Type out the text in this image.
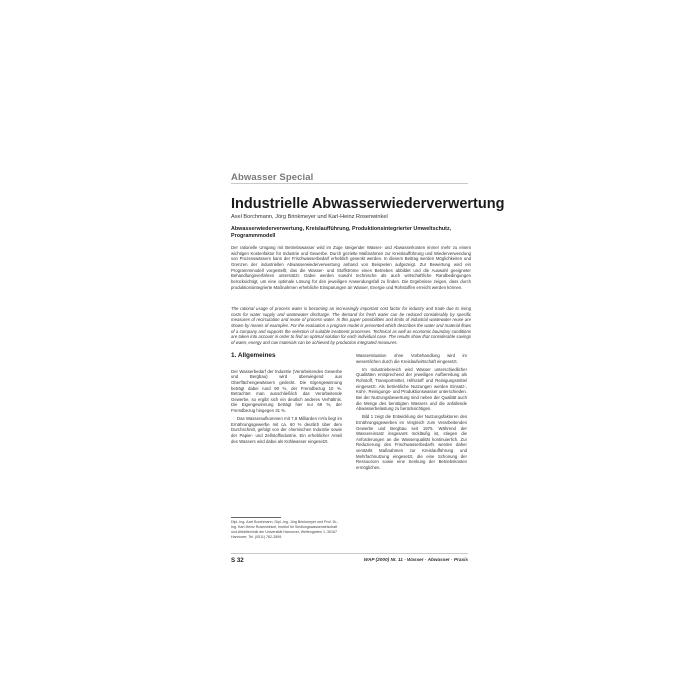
Abwasser Special
Industrielle Abwasserwiederverwertung
Axel Borchmann, Jörg Brinkmeyer und Karl-Heinz Rosenwinkel
Abwasserwiederverwertung, Kreislaufführung, Produktionsintegrierter Umweltschutz, Programmmodell

Der rationelle Umgang mit Betriebswasser wird im Zuge steigender Wasser- und Abwasserkosten immer mehr zu einem wichtigen Kostenfaktor für Industrie und Gewerbe. Durch gezielte Maßnahmen zur Kreislaufführung und Wiederverwendung von Prozesswässern kann der Frischwasserbedarf erheblich gesenkt werden. In diesem Beitrag werden Möglichkeiten und Grenzen der industriellen Abwasserwiederverwertung anhand von Beispielen aufgezeigt. Zur Bewertung wird ein Programmmodell vorgestellt, das die Wasser- und Stoffströme eines Betriebes abbildet und die Auswahl geeigneter Behandlungsverfahren unterstützt. Dabei werden sowohl technische als auch wirtschaftliche Randbedingungen berücksichtigt, um eine optimale Lösung für den jeweiligen Anwendungsfall zu finden. Die Ergebnisse zeigen, dass durch produktionsintegrierte Maßnahmen erhebliche Einsparungen an Wasser, Energie und Rohstoffen erreicht werden können.

The rational usage of process water is becoming an increasingly important cost factor for industry and trade due to rising costs for water supply and wastewater discharge. The demand for fresh water can be reduced considerably by specific measures of recirculation and reuse of process water. In this paper possibilities and limits of industrial wastewater reuse are shown by means of examples. For the evaluation a program model is presented which describes the water and material flows of a company and supports the selection of suitable treatment processes. Technical as well as economic boundary conditions are taken into account in order to find an optimal solution for each individual case. The results show that considerable savings of water, energy and raw materials can be achieved by production integrated measures.

1. Allgemeines

Der Wasserbedarf der Industrie (Verarbeitendes Gewerbe und Bergbau) wird überwiegend aus Oberflächengewässern gedeckt. Die Eigengewinnung beträgt dabei rund 90 %, der Fremdbezug 10 %. Betrachtet man ausschließlich das Verarbeitende Gewerbe, so ergibt sich ein deutlich anderes Verhältnis. Die Eigengewinnung beträgt hier nur 69 %, der Fremdbezug hingegen 31 %.

Das Wasseraufkommen mit 7,8 Milliarden m³/a liegt im Ernährungsgewerbe mit ca. 60 % deutlich über dem Durchschnitt, gefolgt von der chemischen Industrie sowie der Papier- und Zellstoffindustrie. Ein erheblicher Anteil des Wassers wird dabei als Kühlwasser eingesetzt.

Dipl.-Ing. Axel Borchmann, Dipl.-Ing. Jörg Brinkmeyer und Prof. Dr.-Ing. Karl-Heinz Rosenwinkel, Institut für Siedlungswasserwirtschaft und Abfalltechnik der Universität Hannover, Welfengarten 1, 30167 Hannover, Tel. (0511) 762-2899.

Wassersituation ohne Vorbehandlung wird im wesentlichen durch die Kreislaufwirtschaft eingesetzt.

Im Industriebereich wird Wasser unterschiedlicher Qualitäten entsprechend der jeweiligen Aufbereitung als Rohstoff, Transportmittel, Hilfsstoff und Reinigungsmittel eingesetzt. Als betriebliche Nutzungen werden Einsatz-, Kühl-, Reinigungs- und Produktionswasser unterschieden. Bei der Nutzungsbewertung sind neben der Qualität auch die Menge des benötigten Wassers und die anfallende Abwasserbelastung zu berücksichtigen.

Bild 1 zeigt die Entwicklung der Nutzungsfaktoren des Ernährungsgewerbes im Vergleich zum Verarbeitenden Gewerbe und Bergbau seit 1975. Während der Wassereinsatz insgesamt rückläufig ist, stiegen die Anforderungen an die Wasserqualität kontinuierlich. Zur Reduzierung des Frischwasserbedarfs werden daher verstärkt Maßnahmen zur Kreislaufführung und Mehrfachnutzung eingesetzt, die eine Schonung der Ressourcen sowie eine Senkung der Betriebskosten ermöglichen.

S 32	WAP (2000) Nr. 11 · Wasser · Abwasser · Praxis
